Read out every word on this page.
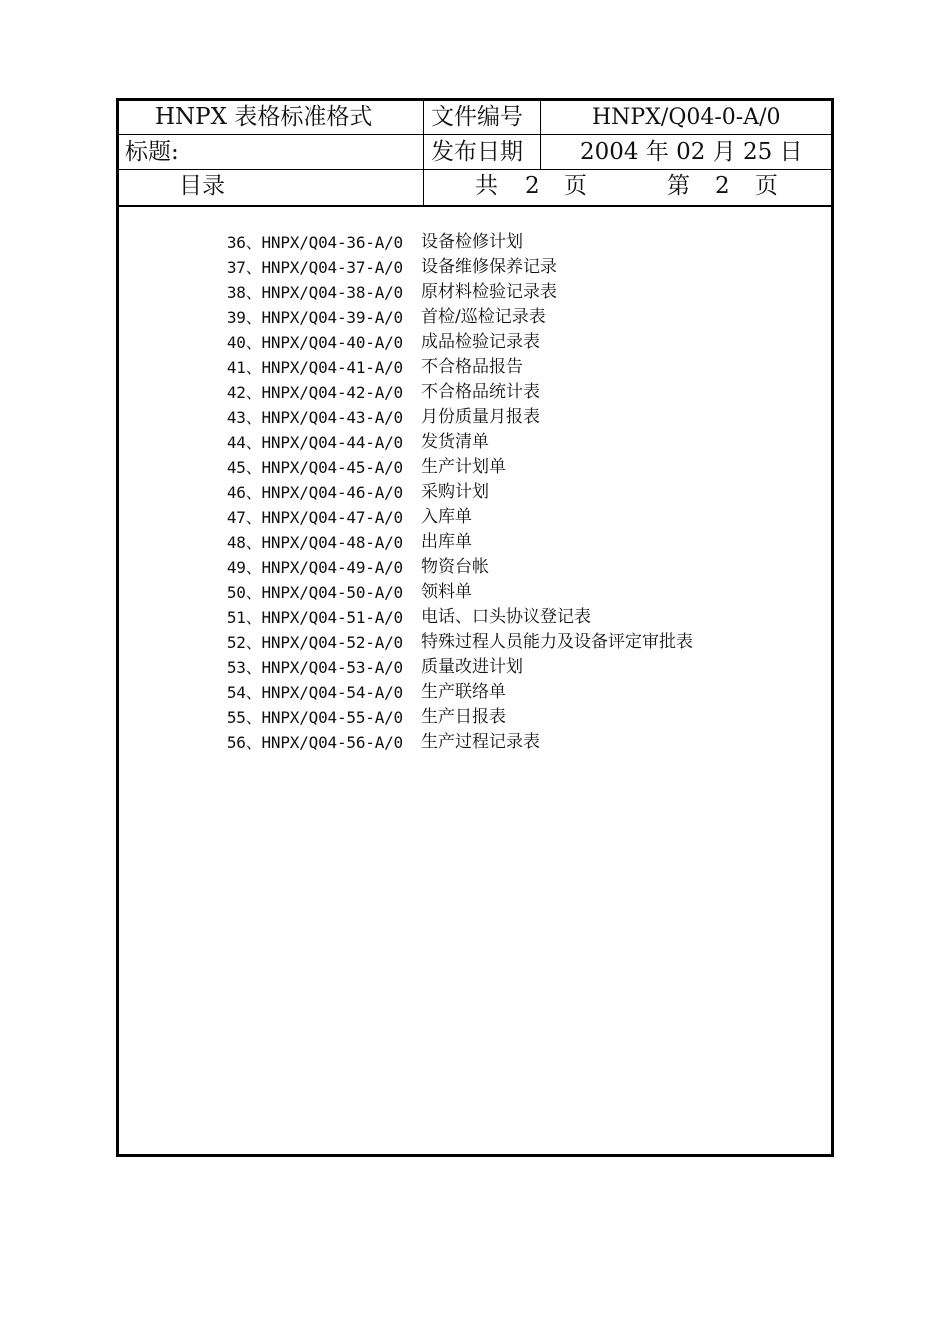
HNPX 表格标准格式	文件编号	HNPX/Q04-0-A/0
标题:	发布日期 2004 年 02 月 25 日
目录	共 2 页	第 2 页
36、HNPX/Q04-36-A/0 设备检修计划
37、HNPX/Q04-37-A/0 设备维修保养记录
38、HNPX/Q04-38-A/0 原材料检验记录表
39、HNPX/Q04-39-A/0 首检/巡检记录表
40、HNPX/Q04-40-A/0 成品检验记录表
41、HNPX/Q04-41-A/0 不合格品报告
42、HNPX/Q04-42-A/0 不合格品统计表
43、HNPX/Q04-43-A/0 月份质量月报表
44、HNPX/Q04-44-A/0 发货清单
45、HNPX/Q04-45-A/0 生产计划单
46、HNPX/Q04-46-A/0 采购计划
47、HNPX/Q04-47-A/0 入库单
48、HNPX/Q04-48-A/0 出库单
49、HNPX/Q04-49-A/0 物资台帐
50、HNPX/Q04-50-A/0 领料单
51、HNPX/Q04-51-A/0 电话、口头协议登记表
52、HNPX/Q04-52-A/0 特殊过程人员能力及设备评定审批表
53、HNPX/Q04-53-A/0 质量改进计划
54、HNPX/Q04-54-A/0 生产联络单
55、HNPX/Q04-55-A/0 生产日报表
56、HNPX/Q04-56-A/0 生产过程记录表
